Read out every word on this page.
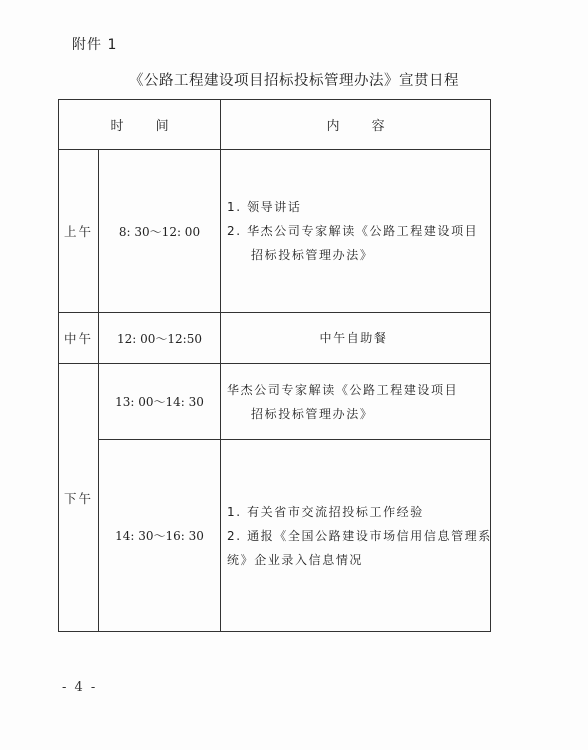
附件 1
《公路工程建设项目招标投标管理办法》宣贯日程
时 间		内 容
上午	8: 30～12: 00	1. 领导讲话
2. 华杰公司专家解读《公路工程建设项目
招标投标管理办法》

中午	12: 00～12:50	中午自助餐
下午	13: 00～14: 30	华杰公司专家解读《公路工程建设项目
招标投标管理办法》

	14: 30～16: 30	1. 有关省市交流招投标工作经验
2. 通报《全国公路建设市场信用信息管理系
统》企业录入信息情况
- 4 -
